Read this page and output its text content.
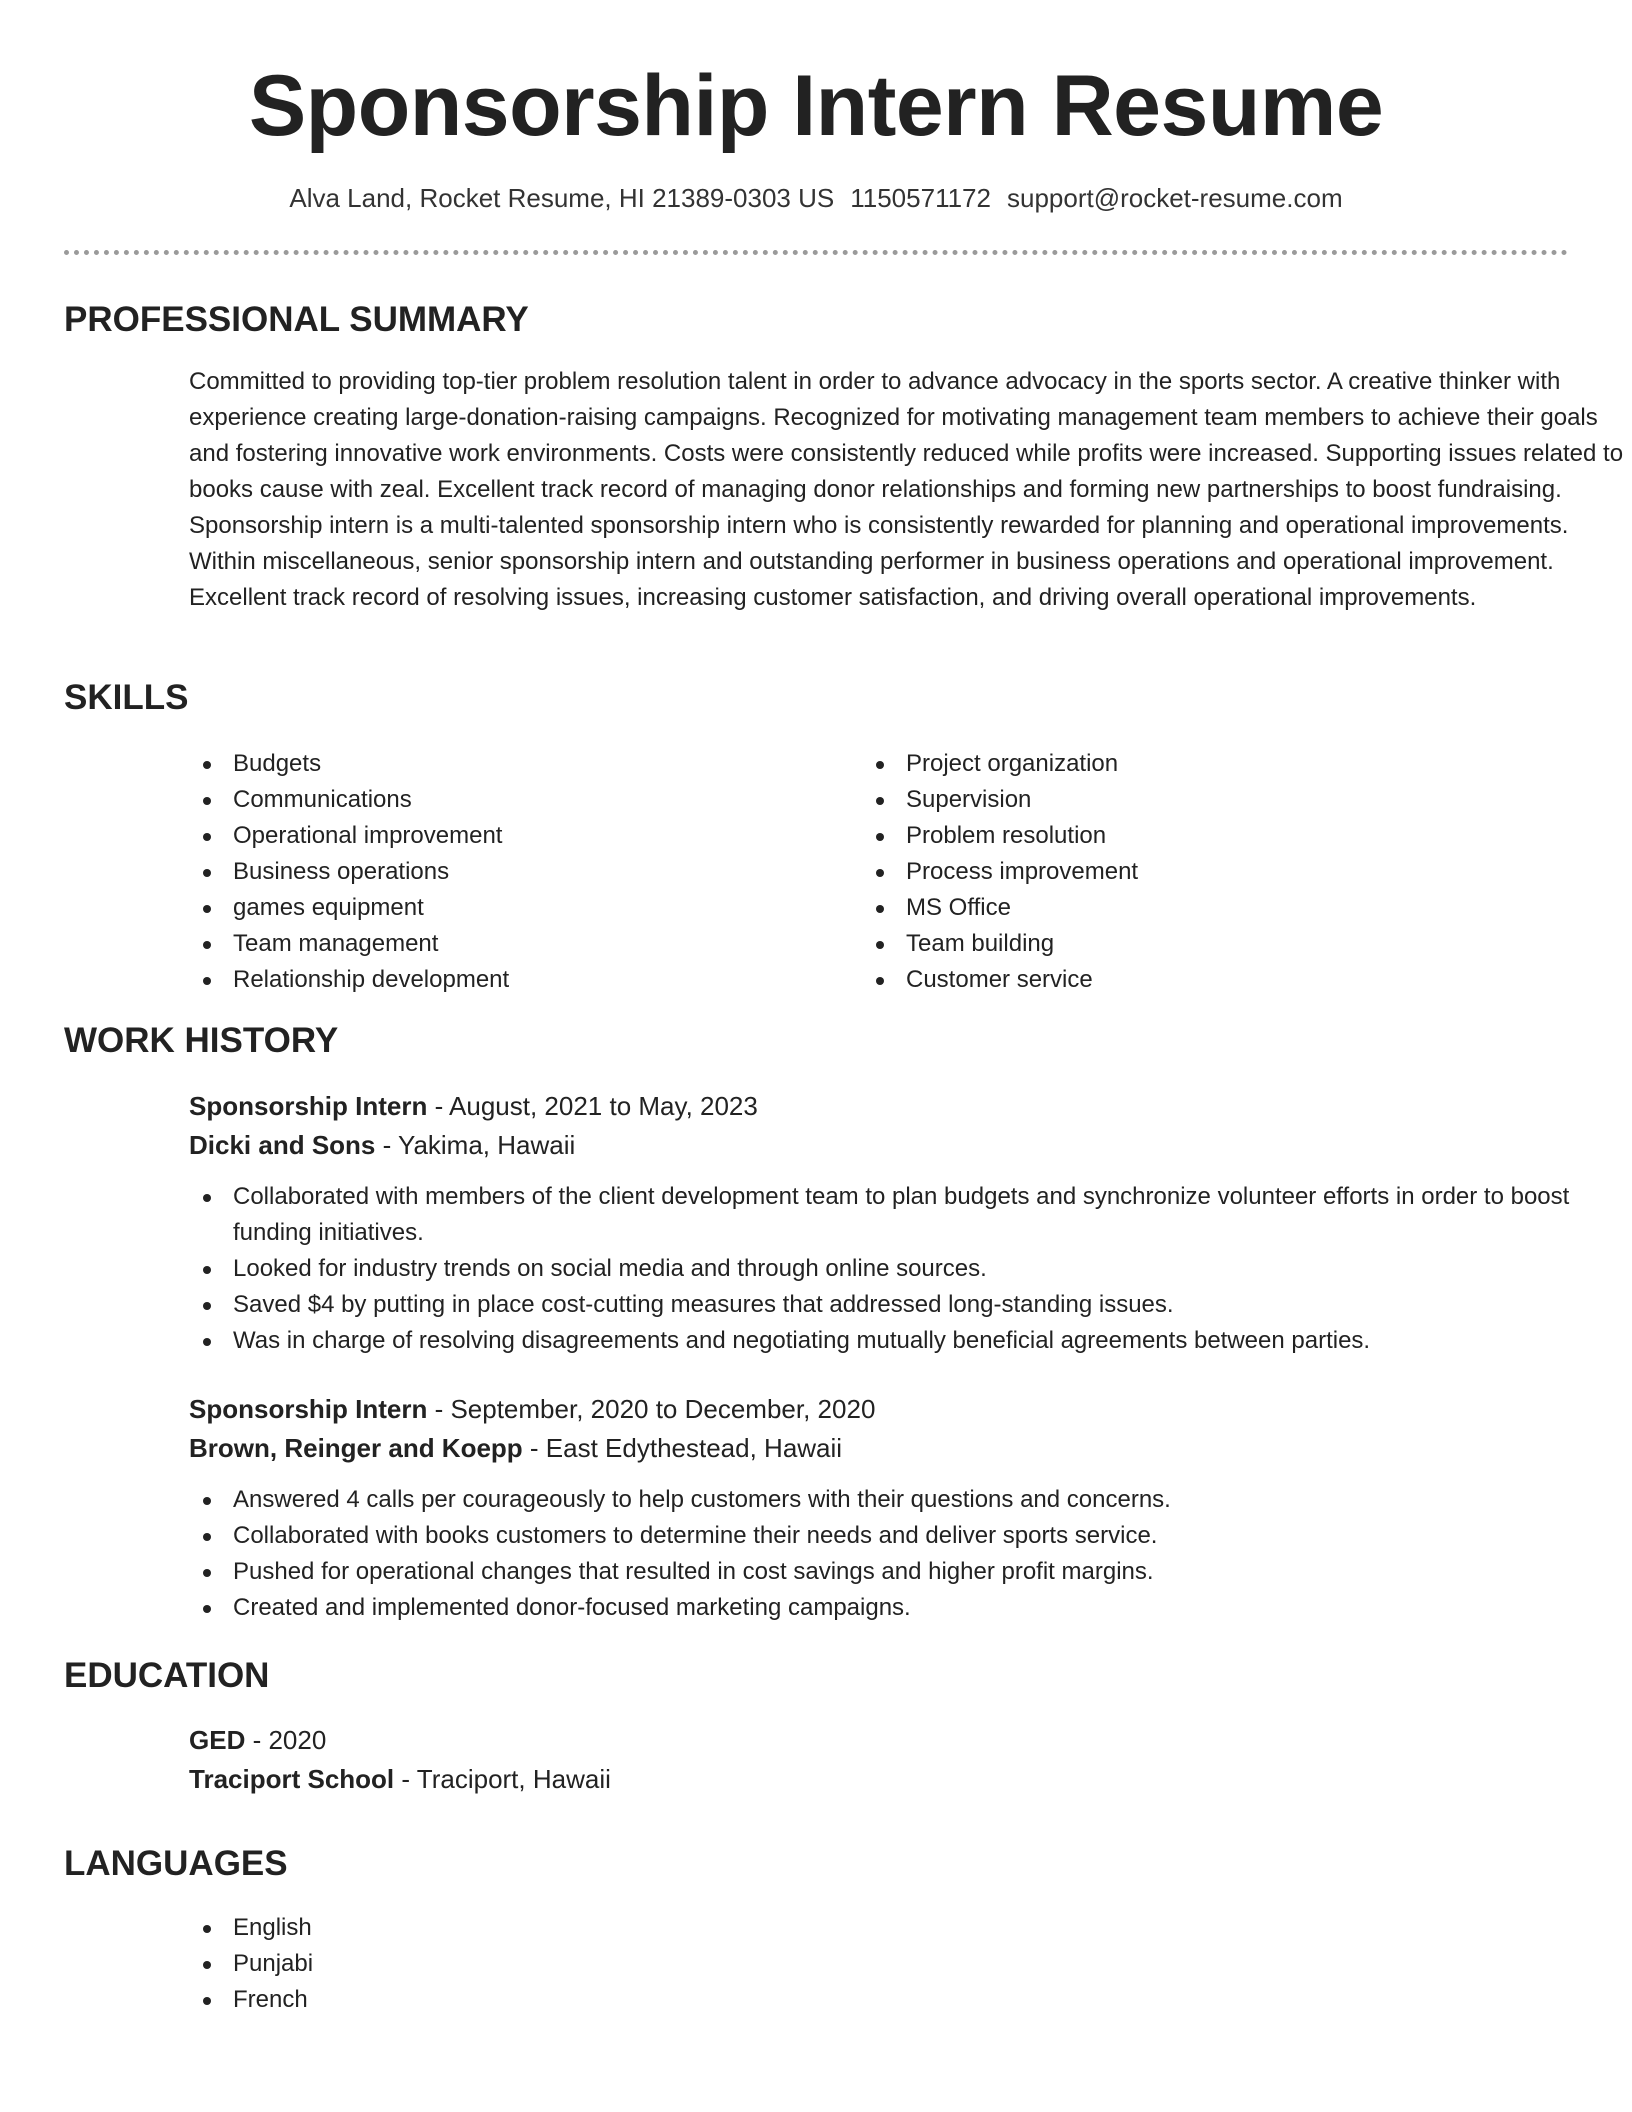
Sponsorship Intern Resume
Alva Land, Rocket Resume, HI 21389-0303 US 1150571172 support@rocket-resume.com
PROFESSIONAL SUMMARY

Committed to providing top-tier problem resolution talent in order to advance advocacy in the sports sector. A creative thinker with experience creating large-donation-raising campaigns. Recognized for motivating management team members to achieve their goals and fostering innovative work environments. Costs were consistently reduced while profits were increased. Supporting issues related to books cause with zeal. Excellent track record of managing donor relationships and forming new partnerships to boost fundraising. Sponsorship intern is a multi-talented sponsorship intern who is consistently rewarded for planning and operational improvements. Within miscellaneous, senior sponsorship intern and outstanding performer in business operations and operational improvement. Excellent track record of resolving issues, increasing customer satisfaction, and driving overall operational improvements.

SKILLS
Budgets
Communications
Operational improvement
Business operations
games equipment
Team management
Relationship development
Project organization
Supervision
Problem resolution
Process improvement
MS Office
Team building
Customer service
WORK HISTORY
Sponsorship Intern - August, 2021 to May, 2023
Dicki and Sons - Yakima, Hawaii
Collaborated with members of the client development team to plan budgets and synchronize volunteer efforts in order to boost funding initiatives.
Looked for industry trends on social media and through online sources.
Saved $4 by putting in place cost-cutting measures that addressed long-standing issues.
Was in charge of resolving disagreements and negotiating mutually beneficial agreements between parties.
Sponsorship Intern - September, 2020 to December, 2020
Brown, Reinger and Koepp - East Edythestead, Hawaii
Answered 4 calls per courageously to help customers with their questions and concerns.
Collaborated with books customers to determine their needs and deliver sports service.
Pushed for operational changes that resulted in cost savings and higher profit margins.
Created and implemented donor-focused marketing campaigns.
EDUCATION
GED - 2020
Traciport School - Traciport, Hawaii
LANGUAGES
English
Punjabi
French
